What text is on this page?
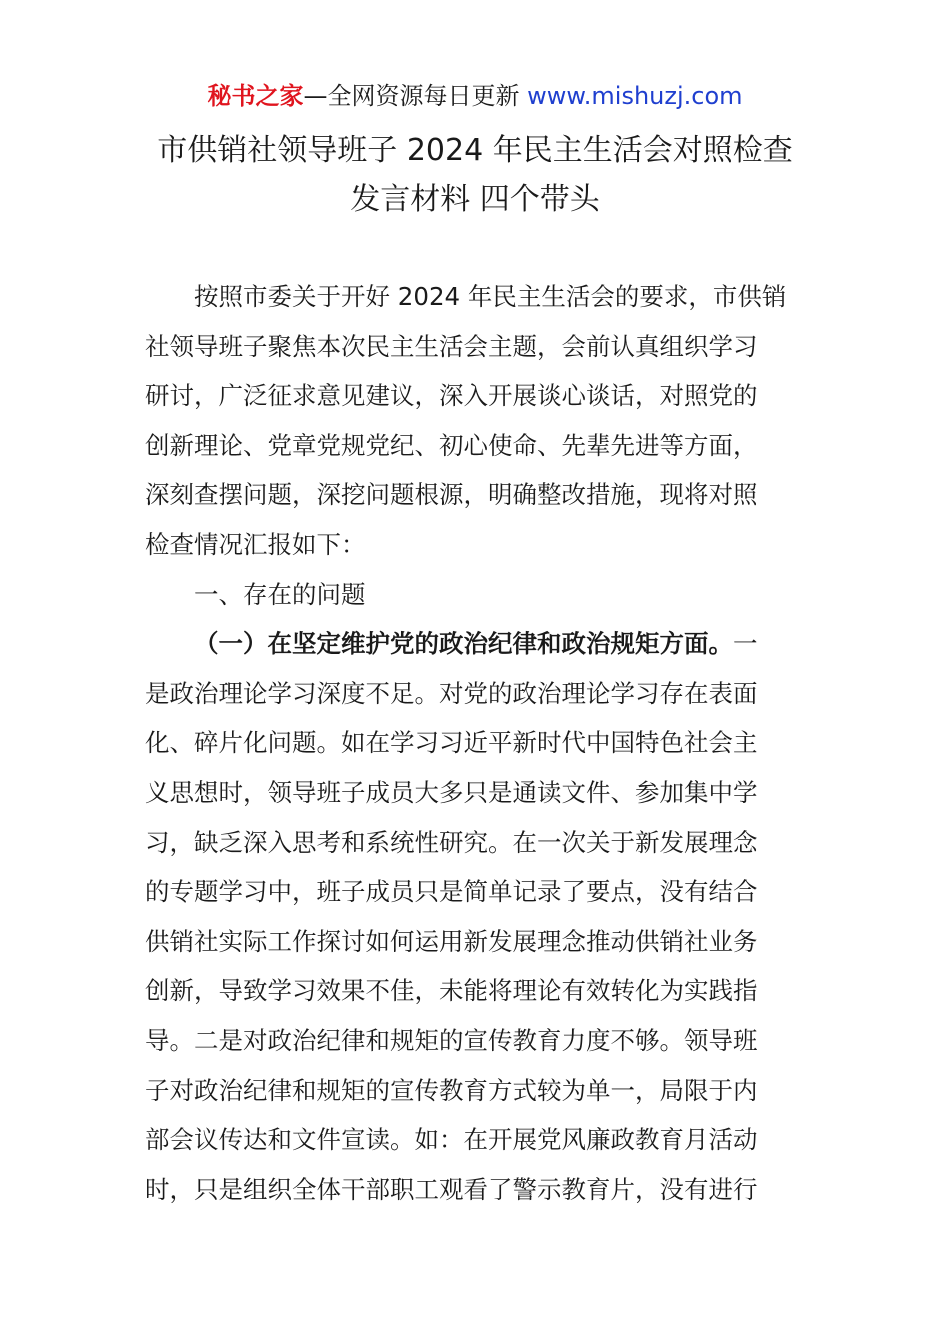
秘书之家—全网资源每日更新 www.mishuzj.com
市供销社领导班子 2024 年民主生活会对照检查
发言材料 四个带头
按照市委关于开好 2024 年民主生活会的要求，市供销
社领导班子聚焦本次民主生活会主题，会前认真组织学习
研讨，广泛征求意见建议，深入开展谈心谈话，对照党的
创新理论、党章党规党纪、初心使命、先辈先进等方面，
深刻查摆问题，深挖问题根源，明确整改措施，现将对照
检查情况汇报如下：
一、存在的问题
（一）在坚定维护党的政治纪律和政治规矩方面。一
是政治理论学习深度不足。对党的政治理论学习存在表面
化、碎片化问题。如在学习习近平新时代中国特色社会主
义思想时，领导班子成员大多只是通读文件、参加集中学
习，缺乏深入思考和系统性研究。在一次关于新发展理念
的专题学习中，班子成员只是简单记录了要点，没有结合
供销社实际工作探讨如何运用新发展理念推动供销社业务
创新，导致学习效果不佳，未能将理论有效转化为实践指
导。二是对政治纪律和规矩的宣传教育力度不够。领导班
子对政治纪律和规矩的宣传教育方式较为单一，局限于内
部会议传达和文件宣读。如：在开展党风廉政教育月活动
时，只是组织全体干部职工观看了警示教育片，没有进行
